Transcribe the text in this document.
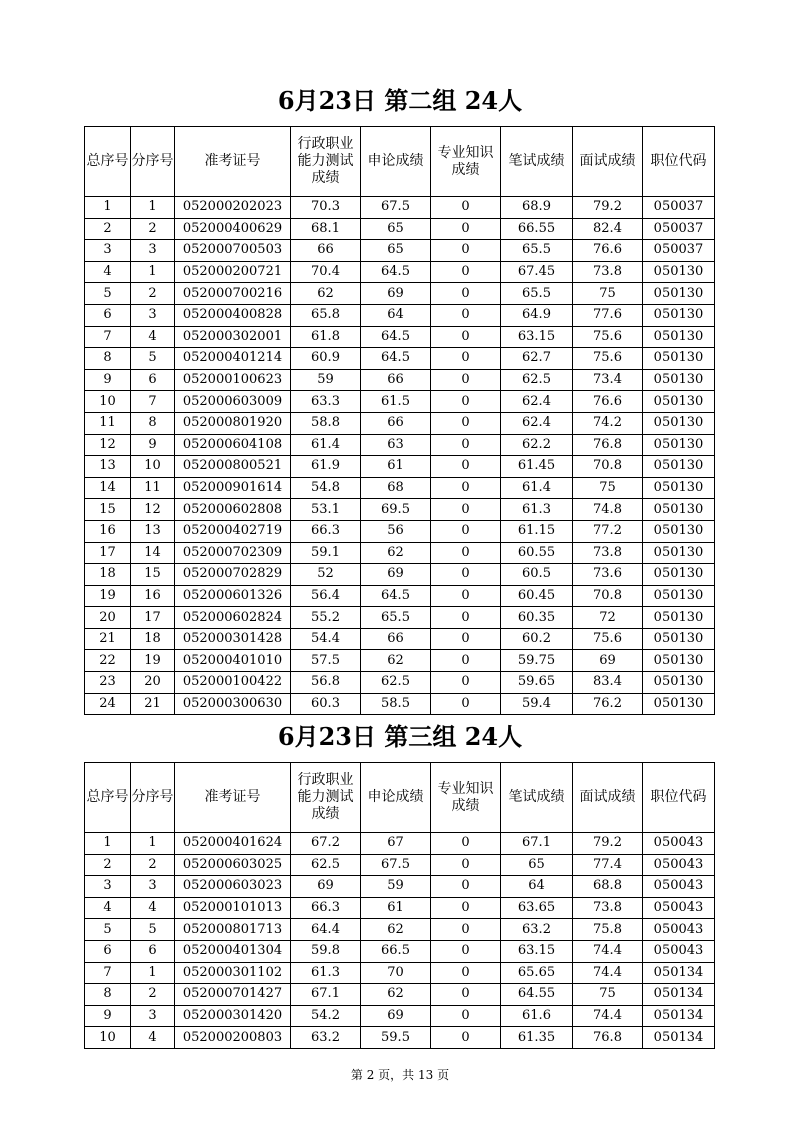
6月23日 第二组 24人
总序号	分序号	准考证号	行政职业能力测试成绩	申论成绩	专业知识成绩	笔试成绩	面试成绩	职位代码
1	1	052000202023	70.3	67.5	0	68.9	79.2	050037
2	2	052000400629	68.1	65	0	66.55	82.4	050037
3	3	052000700503	66	65	0	65.5	76.6	050037
4	1	052000200721	70.4	64.5	0	67.45	73.8	050130
5	2	052000700216	62	69	0	65.5	75	050130
6	3	052000400828	65.8	64	0	64.9	77.6	050130
7	4	052000302001	61.8	64.5	0	63.15	75.6	050130
8	5	052000401214	60.9	64.5	0	62.7	75.6	050130
9	6	052000100623	59	66	0	62.5	73.4	050130
10	7	052000603009	63.3	61.5	0	62.4	76.6	050130
11	8	052000801920	58.8	66	0	62.4	74.2	050130
12	9	052000604108	61.4	63	0	62.2	76.8	050130
13	10	052000800521	61.9	61	0	61.45	70.8	050130
14	11	052000901614	54.8	68	0	61.4	75	050130
15	12	052000602808	53.1	69.5	0	61.3	74.8	050130
16	13	052000402719	66.3	56	0	61.15	77.2	050130
17	14	052000702309	59.1	62	0	60.55	73.8	050130
18	15	052000702829	52	69	0	60.5	73.6	050130
19	16	052000601326	56.4	64.5	0	60.45	70.8	050130
20	17	052000602824	55.2	65.5	0	60.35	72	050130
21	18	052000301428	54.4	66	0	60.2	75.6	050130
22	19	052000401010	57.5	62	0	59.75	69	050130
23	20	052000100422	56.8	62.5	0	59.65	83.4	050130
24	21	052000300630	60.3	58.5	0	59.4	76.2	050130
6月23日 第三组 24人
总序号	分序号	准考证号	行政职业能力测试成绩	申论成绩	专业知识成绩	笔试成绩	面试成绩	职位代码
1	1	052000401624	67.2	67	0	67.1	79.2	050043
2	2	052000603025	62.5	67.5	0	65	77.4	050043
3	3	052000603023	69	59	0	64	68.8	050043
4	4	052000101013	66.3	61	0	63.65	73.8	050043
5	5	052000801713	64.4	62	0	63.2	75.8	050043
6	6	052000401304	59.8	66.5	0	63.15	74.4	050043
7	1	052000301102	61.3	70	0	65.65	74.4	050134
8	2	052000701427	67.1	62	0	64.55	75	050134
9	3	052000301420	54.2	69	0	61.6	74.4	050134
10	4	052000200803	63.2	59.5	0	61.35	76.8	050134
第 2 页，共 13 页
